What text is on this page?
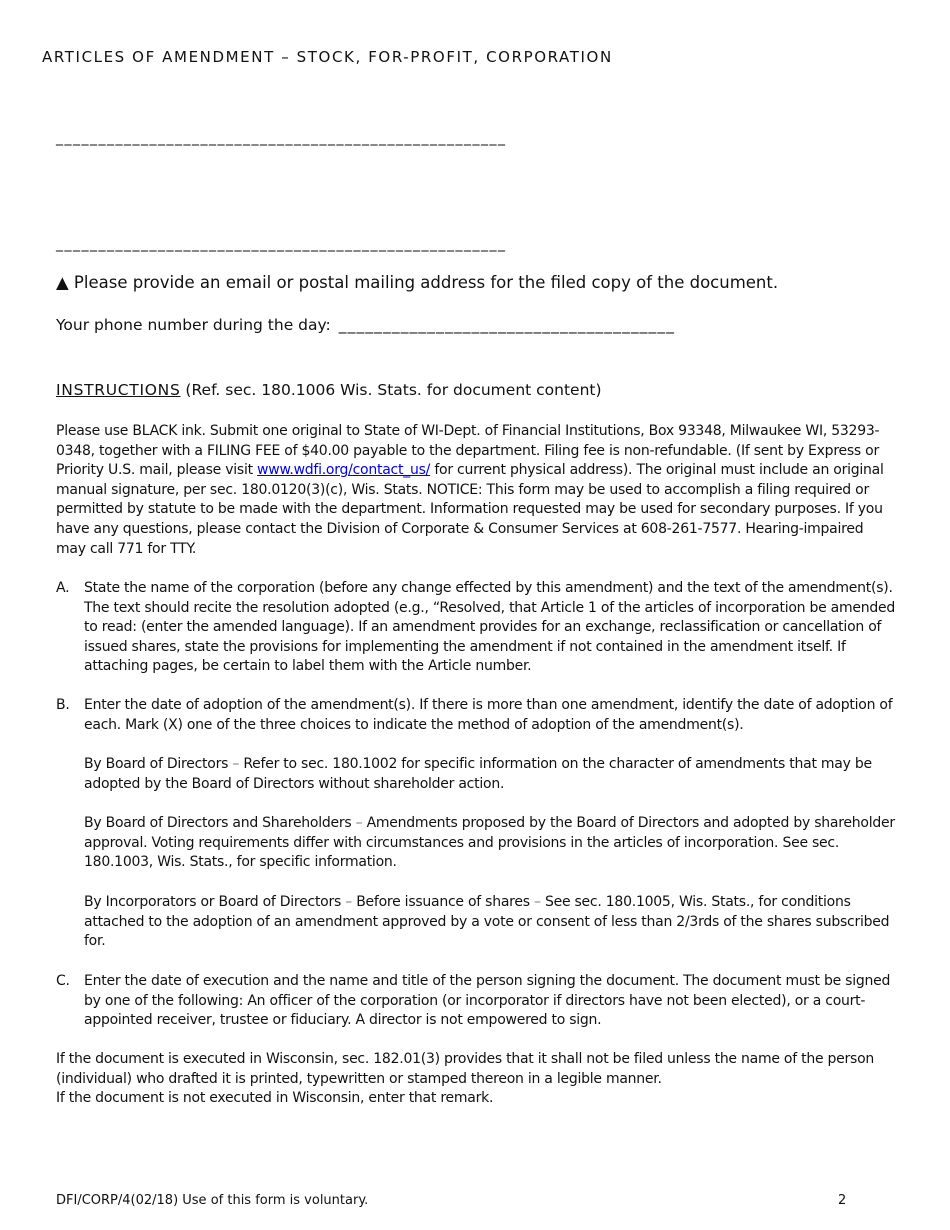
ARTICLES OF AMENDMENT – STOCK, FOR-PROFIT, CORPORATION
_____________________________________________________
_____________________________________________________
▲ Please provide an email or postal mailing address for the filed copy of the document.
Your phone number during the day: ______________________________________
INSTRUCTIONS (Ref. sec. 180.1006 Wis. Stats. for document content)
Please use BLACK ink. Submit one original to State of WI-Dept. of Financial Institutions, Box 93348, Milwaukee WI, 53293-0348, together with a FILING FEE of $40.00 payable to the department. Filing fee is non-refundable. (If sent by Express or Priority U.S. mail, please visit www.wdfi.org/contact_us/ for current physical address). The original must include an original manual signature, per sec. 180.0120(3)(c), Wis. Stats. NOTICE: This form may be used to accomplish a filing required or permitted by statute to be made with the department. Information requested may be used for secondary purposes. If you have any questions, please contact the Division of Corporate & Consumer Services at 608-261-7577. Hearing-impaired may call 771 for TTY.
A. State the name of the corporation (before any change effected by this amendment) and the text of the amendment(s). The text should recite the resolution adopted (e.g., “Resolved, that Article 1 of the articles of incorporation be amended to read: (enter the amended language). If an amendment provides for an exchange, reclassification or cancellation of issued shares, state the provisions for implementing the amendment if not contained in the amendment itself. If attaching pages, be certain to label them with the Article number.
B. Enter the date of adoption of the amendment(s). If there is more than one amendment, identify the date of adoption of each. Mark (X) one of the three choices to indicate the method of adoption of the amendment(s).
By Board of Directors – Refer to sec. 180.1002 for specific information on the character of amendments that may be adopted by the Board of Directors without shareholder action.
By Board of Directors and Shareholders – Amendments proposed by the Board of Directors and adopted by shareholder approval. Voting requirements differ with circumstances and provisions in the articles of incorporation. See sec. 180.1003, Wis. Stats., for specific information.
By Incorporators or Board of Directors – Before issuance of shares – See sec. 180.1005, Wis. Stats., for conditions attached to the adoption of an amendment approved by a vote or consent of less than 2/3rds of the shares subscribed for.
C. Enter the date of execution and the name and title of the person signing the document. The document must be signed by one of the following: An officer of the corporation (or incorporator if directors have not been elected), or a court-appointed receiver, trustee or fiduciary. A director is not empowered to sign.
If the document is executed in Wisconsin, sec. 182.01(3) provides that it shall not be filed unless the name of the person (individual) who drafted it is printed, typewritten or stamped thereon in a legible manner.
If the document is not executed in Wisconsin, enter that remark.
DFI/CORP/4(02/18) Use of this form is voluntary.	2
